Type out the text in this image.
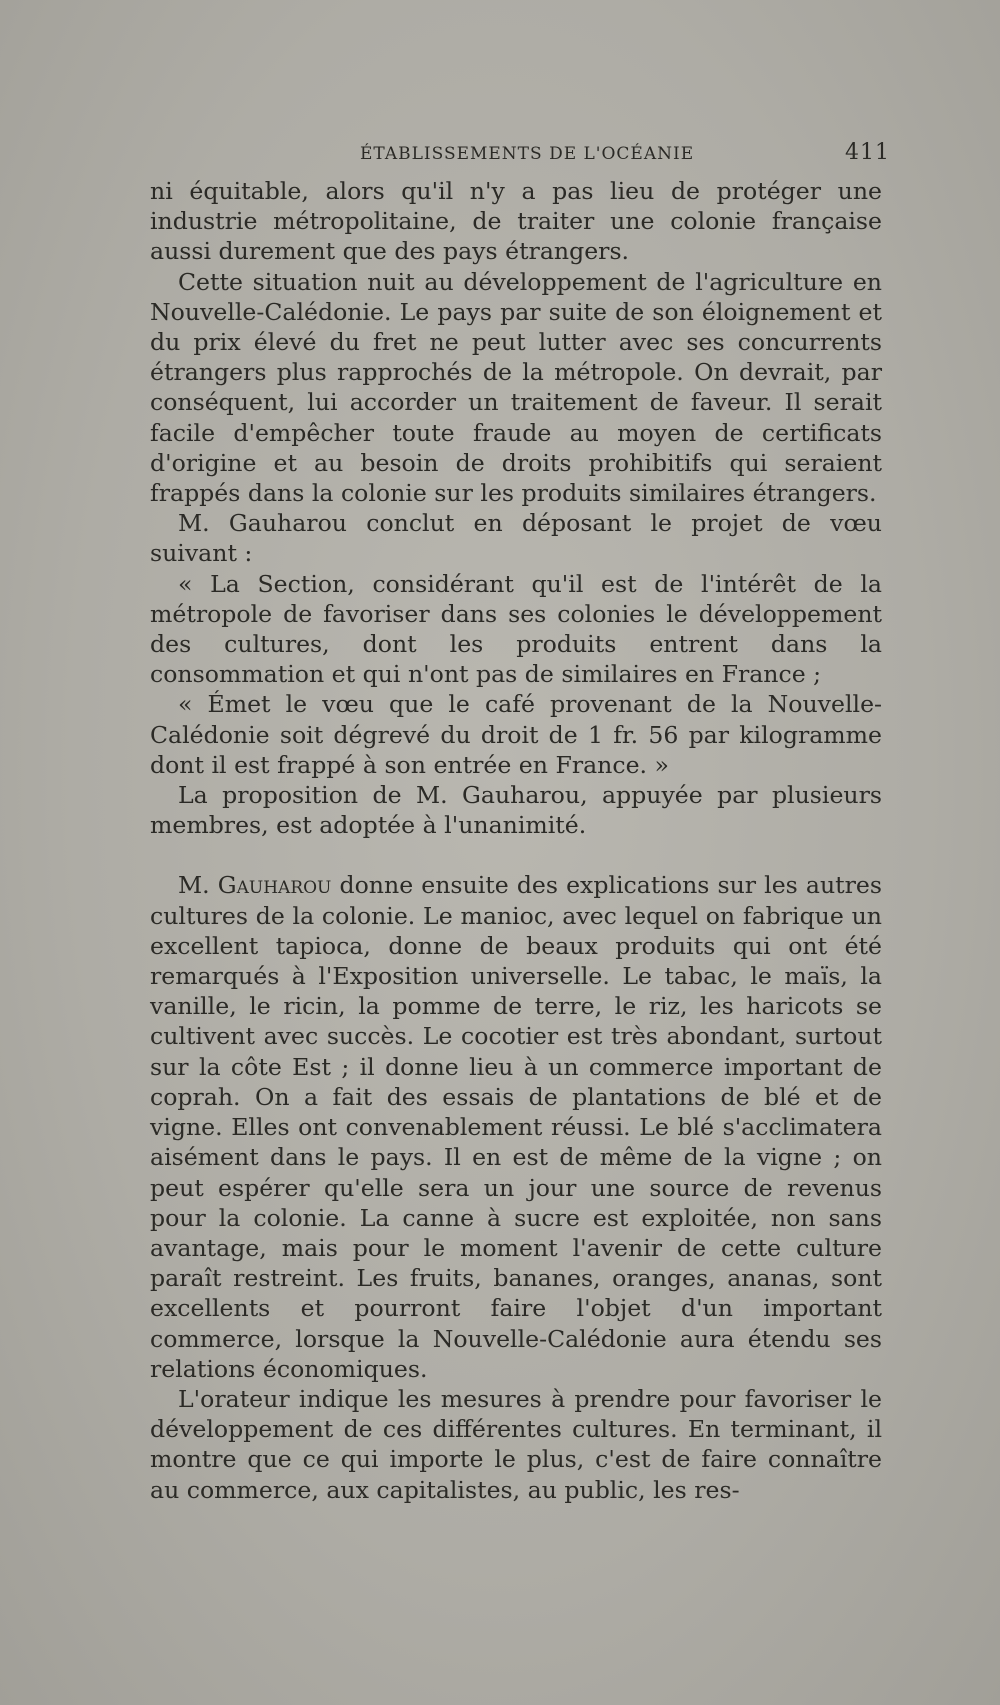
ÉTABLISSEMENTS DE L'OCÉANIE	411

ni équitable, alors qu'il n'y a pas lieu de protéger une industrie métropolitaine, de traiter une colonie française aussi durement que des pays étrangers.

Cette situation nuit au développement de l'agriculture en Nouvelle-Calédonie. Le pays par suite de son éloignement et du prix élevé du fret ne peut lutter avec ses concurrents étrangers plus rapprochés de la métropole. On devrait, par conséquent, lui accorder un traitement de faveur. Il serait facile d'empêcher toute fraude au moyen de certificats d'origine et au besoin de droits prohibitifs qui seraient frappés dans la colonie sur les produits similaires étrangers.

M. Gauharou conclut en déposant le projet de vœu suivant :

« La Section, considérant qu'il est de l'intérêt de la métropole de favoriser dans ses colonies le développement des cultures, dont les produits entrent dans la consommation et qui n'ont pas de similaires en France ;

« Émet le vœu que le café provenant de la Nouvelle-Calédonie soit dégrevé du droit de 1 fr. 56 par kilogramme dont il est frappé à son entrée en France. »

La proposition de M. Gauharou, appuyée par plusieurs membres, est adoptée à l'unanimité.

M. Gauharou donne ensuite des explications sur les autres cultures de la colonie. Le manioc, avec lequel on fabrique un excellent tapioca, donne de beaux produits qui ont été remarqués à l'Exposition universelle. Le tabac, le maïs, la vanille, le ricin, la pomme de terre, le riz, les haricots se cultivent avec succès. Le cocotier est très abondant, surtout sur la côte Est ; il donne lieu à un commerce important de coprah. On a fait des essais de plantations de blé et de vigne. Elles ont convenablement réussi. Le blé s'acclimatera aisément dans le pays. Il en est de même de la vigne ; on peut espérer qu'elle sera un jour une source de revenus pour la colonie. La canne à sucre est exploitée, non sans avantage, mais pour le moment l'avenir de cette culture paraît restreint. Les fruits, bananes, oranges, ananas, sont excellents et pourront faire l'objet d'un important commerce, lorsque la Nouvelle-Calédonie aura étendu ses relations économiques.

L'orateur indique les mesures à prendre pour favoriser le développement de ces différentes cultures. En terminant, il montre que ce qui importe le plus, c'est de faire connaître au commerce, aux capitalistes, au public, les res-
